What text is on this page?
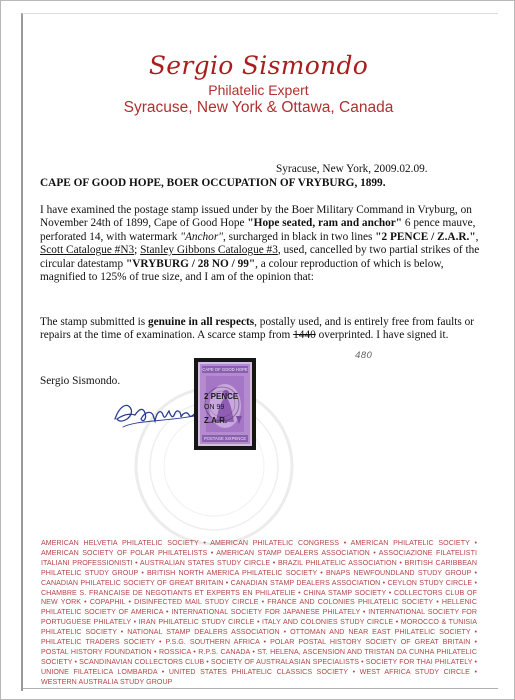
Sergio Sismondo
Philatelic Expert
Syracuse, New York & Ottawa, Canada
Syracuse, New York, 2009.02.09.
CAPE OF GOOD HOPE, BOER OCCUPATION OF VRYBURG, 1899.
I have examined the postage stamp issued under by the Boer Military Command in Vryburg, on November 24th of 1899, Cape of Good Hope "Hope seated, ram and anchor" 6 pence mauve, perforated 14, with watermark "Anchor", surcharged in black in two lines "2 PENCE / Z.A.R.", Scott Catalogue #N3; Stanley Gibbons Catalogue #3, used, cancelled by two partial strikes of the circular datestamp "VRYBURG / 28 NO / 99", a colour reproduction of which is below, magnified to 125% of true size, and I am of the opinion that:
The stamp submitted is genuine in all respects, postally used, and is entirely free from faults or repairs at the time of examination. A scarce stamp from 1440 overprinted. I have signed it.
480
Sergio Sismondo.
CAPE OF GOOD HOPE
2 PENCE
ON 99
Z.A.R.
POSTAGE SIXPENCE
AMERICAN HELVETIA PHILATELIC SOCIETY • AMERICAN PHILATELIC CONGRESS • AMERICAN PHILATELIC SOCIETY • AMERICAN SOCIETY OF POLAR PHILATELISTS • AMERICAN STAMP DEALERS ASSOCIATION • ASSOCIAZIONE FILATELISTI ITALIANI PROFESSIONISTI • AUSTRALIAN STATES STUDY CIRCLE • BRAZIL PHILATELIC ASSOCIATION • BRITISH CARIBBEAN PHILATELIC STUDY GROUP • BRITISH NORTH AMERICA PHILATELIC SOCIETY • BNAPS NEWFOUNDLAND STUDY GROUP • CANADIAN PHILATELIC SOCIETY OF GREAT BRITAIN • CANADIAN STAMP DEALERS ASSOCIATION • CEYLON STUDY CIRCLE • CHAMBRE S. FRANCAISE DE NEGOTIANTS ET EXPERTS EN PHILATELIE • CHINA STAMP SOCIETY • COLLECTORS CLUB OF NEW YORK • COPAPHIL • DISINFECTED MAIL STUDY CIRCLE • FRANCE AND COLONIES PHILATELIC SOCIETY • HELLENIC PHILATELIC SOCIETY OF AMERICA • INTERNATIONAL SOCIETY FOR JAPANESE PHILATELY • INTERNATIONAL SOCIETY FOR PORTUGUESE PHILATELY • IRAN PHILATELIC STUDY CIRCLE • ITALY AND COLONIES STUDY CIRCLE • MOROCCO & TUNISIA PHILATELIC SOCIETY • NATIONAL STAMP DEALERS ASSOCIATION • OTTOMAN AND NEAR EAST PHILATELIC SOCIETY • PHILATELIC TRADERS SOCIETY • P.S.G. SOUTHERN AFRICA • POLAR POSTAL HISTORY SOCIETY OF GREAT BRITAIN • POSTAL HISTORY FOUNDATION • ROSSICA • R.P.S. CANADA • ST. HELENA, ASCENSION AND TRISTAN DA CUNHA PHILATELIC SOCIETY • SCANDINAVIAN COLLECTORS CLUB • SOCIETY OF AUSTRALASIAN SPECIALISTS • SOCIETY FOR THAI PHILATELY • UNIONE FILATELICA LOMBARDA • UNITED STATES PHILATELIC CLASSICS SOCIETY • WEST AFRICA STUDY CIRCLE • WESTERN AUSTRALIA STUDY GROUP
